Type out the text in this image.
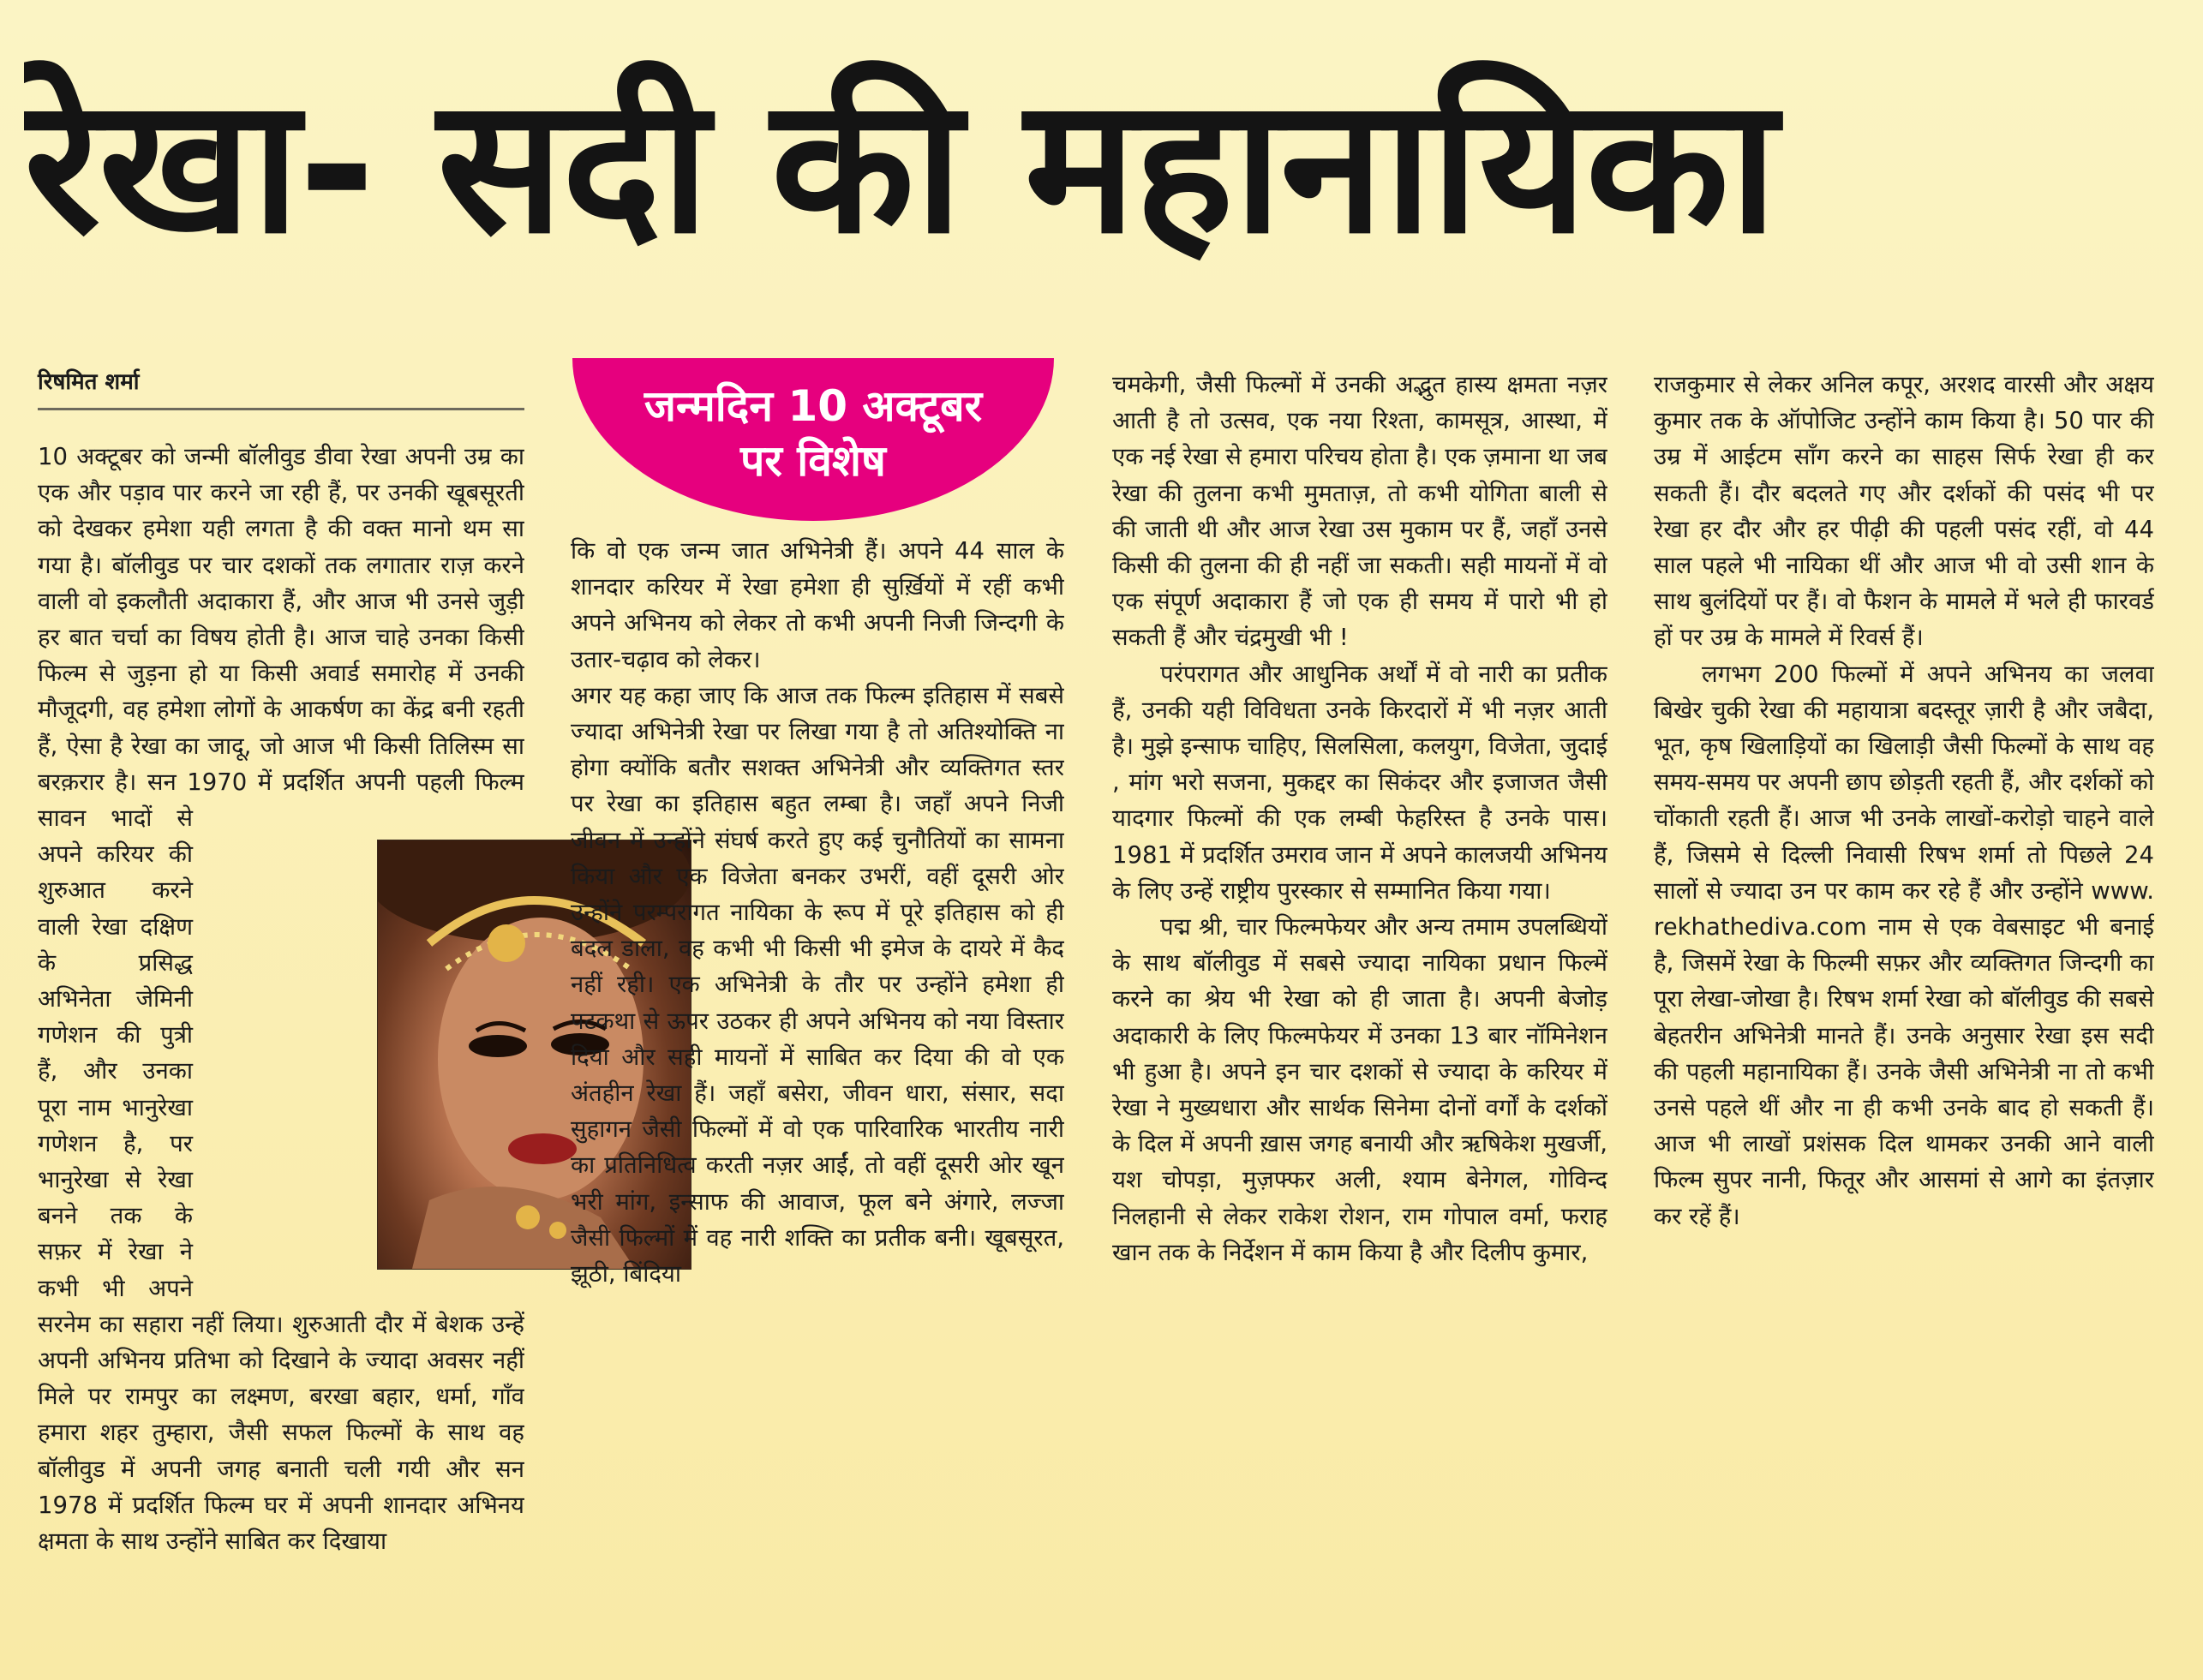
रेखा- सदी की महानायिका
रिषमित शर्मा	जन्मदिन 10 अक्टूबर
पर विशेष

10 अक्टूबर को जन्मी बॉलीवुड डीवा रेखा अपनी उम्र का एक और पड़ाव पार करने जा रही हैं, पर उनकी खूबसूरती को देखकर हमेशा यही लगता है की वक्त मानो थम सा गया है। बॉलीवुड पर चार दशकों तक लगातार राज़ करने वाली वो इकलौती अदाकारा हैं, और आज भी उनसे जुड़ी हर बात चर्चा का विषय होती है। आज चाहे उनका किसी फिल्म से जुड़ना हो या किसी अवार्ड समारोह में उनकी मौजूदगी, वह हमेशा लोगों के आकर्षण का केंद्र बनी रहती हैं, ऐसा है रेखा का जादू, जो आज भी किसी तिलिस्म सा बरक़रार है। सन 1970 में प्रदर्शित अपनी पहली फिल्म सावन भादों से अपने करियर की शुरुआत करने वाली रेखा दक्षिण के प्रसिद्ध अभिनेता जेमिनी गणेशन की पुत्री हैं, और उनका पूरा नाम भानुरेखा गणेशन है, पर भानुरेखा से रेखा बनने तक के सफ़र में रेखा ने कभी भी अपने सरनेम का सहारा नहीं लिया। शुरुआती दौर में बेशक उन्हें अपनी अभिनय प्रतिभा को दिखाने के ज्यादा अवसर नहीं मिले पर रामपुर का लक्ष्मण, बरखा बहार, धर्मा, गाँव हमारा शहर तुम्हारा, जैसी सफल फिल्मों के साथ वह बॉलीवुड में अपनी जगह बनाती चली गयी और सन 1978 में प्रदर्शित फिल्म घर में अपनी शानदार अभिनय क्षमता के साथ उन्होंने साबित कर दिखाया

कि वो एक जन्म जात अभिनेत्री हैं। अपने 44 साल के शानदार करियर में रेखा हमेशा ही सुर्ख़ियों में रहीं कभी अपने अभिनय को लेकर तो कभी अपनी निजी जिन्दगी के उतार-चढ़ाव को लेकर।

अगर यह कहा जाए कि आज तक फिल्म इतिहास में सबसे ज्यादा अभिनेत्री रेखा पर लिखा गया है तो अतिश्योक्ति ना होगा क्योंकि बतौर सशक्त अभिनेत्री और व्यक्तिगत स्तर पर रेखा का इतिहास बहुत लम्बा है। जहाँ अपने निजी जीवन में उन्होंने संघर्ष करते हुए कई चुनौतियों का सामना किया और एक विजेता बनकर उभरीं, वहीं दूसरी ओर उन्होंने परम्परागत नायिका के रूप में पूरे इतिहास को ही बदल डाला, वह कभी भी किसी भी इमेज के दायरे में कैद नहीं रही। एक अभिनेत्री के तौर पर उन्होंने हमेशा ही पटकथा से ऊपर उठकर ही अपने अभिनय को नया विस्तार दिया और सही मायनों में साबित कर दिया की वो एक अंतहीन रेखा हैं। जहाँ बसेरा, जीवन धारा, संसार, सदा सुहागन जैसी फिल्मों में वो एक पारिवारिक भारतीय नारी का प्रतिनिधित्व करती नज़र आईं, तो वहीं दूसरी ओर खून भरी मांग, इन्साफ की आवाज, फूल बने अंगारे, लज्जा जैसी फिल्मों में वह नारी शक्ति का प्रतीक बनी। खूबसूरत, झूठी, बिंदिया

चमकेगी, जैसी फिल्मों में उनकी अद्भुत हास्य क्षमता नज़र आती है तो उत्सव, एक नया रिश्ता, कामसूत्र, आस्था, में एक नई रेखा से हमारा परिचय होता है। एक ज़माना था जब रेखा की तुलना कभी मुमताज़, तो कभी योगिता बाली से की जाती थी और आज रेखा उस मुकाम पर हैं, जहाँ उनसे किसी की तुलना की ही नहीं जा सकती। सही मायनों में वो एक संपूर्ण अदाकारा हैं जो एक ही समय में पारो भी हो सकती हैं और चंद्रमुखी भी !

परंपरागत और आधुनिक अर्थों में वो नारी का प्रतीक हैं, उनकी यही विविधता उनके किरदारों में भी नज़र आती है। मुझे इन्साफ चाहिए, सिलसिला, कलयुग, विजेता, जुदाई , मांग भरो सजना, मुकद्दर का सिकंदर और इजाजत जैसी यादगार फिल्मों की एक लम्बी फेहरिस्त है उनके पास। 1981 में प्रदर्शित उमराव जान में अपने कालजयी अभिनय के लिए उन्हें राष्ट्रीय पुरस्कार से सम्मानित किया गया।

पद्म श्री, चार फिल्मफेयर और अन्य तमाम उपलब्धियों के साथ बॉलीवुड में सबसे ज्यादा नायिका प्रधान फिल्में करने का श्रेय भी रेखा को ही जाता है। अपनी बेजोड़ अदाकारी के लिए फिल्मफेयर में उनका 13 बार नॉमिनेशन भी हुआ है। अपने इन चार दशकों से ज्यादा के करियर में रेखा ने मुख्यधारा और सार्थक सिनेमा दोनों वर्गों के दर्शकों के दिल में अपनी ख़ास जगह बनायी और ऋषिकेश मुखर्जी, यश चोपड़ा, मुज़फ्फर अली, श्याम बेनेगल, गोविन्द निलहानी से लेकर राकेश रोशन, राम गोपाल वर्मा, फराह खान तक के निर्देशन में काम किया है और दिलीप कुमार,

राजकुमार से लेकर अनिल कपूर, अरशद वारसी और अक्षय कुमार तक के ऑपोजिट उन्होंने काम किया है। 50 पार की उम्र में आईटम सॉंग करने का साहस सिर्फ रेखा ही कर सकती हैं। दौर बदलते गए और दर्शकों की पसंद भी पर रेखा हर दौर और हर पीढ़ी की पहली पसंद रहीं, वो 44 साल पहले भी नायिका थीं और आज भी वो उसी शान के साथ बुलंदियों पर हैं। वो फैशन के मामले में भले ही फारवर्ड हों पर उम्र के मामले में रिवर्स हैं।

लगभग 200 फिल्मों में अपने अभिनय का जलवा बिखेर चुकी रेखा की महायात्रा बदस्तूर ज़ारी है और जबैदा, भूत, कृष खिलाड़ियों का खिलाड़ी जैसी फिल्मों के साथ वह समय-समय पर अपनी छाप छोड़ती रहती हैं, और दर्शकों को चोंकाती रहती हैं। आज भी उनके लाखों-करोड़ो चाहने वाले हैं, जिसमे से दिल्ली निवासी रिषभ शर्मा तो पिछले 24 सालों से ज्यादा उन पर काम कर रहे हैं और उन्होंने www. rekhathediva.com नाम से एक वेबसाइट भी बनाई है, जिसमें रेखा के फिल्मी सफ़र और व्यक्तिगत जिन्दगी का पूरा लेखा-जोखा है। रिषभ शर्मा रेखा को बॉलीवुड की सबसे बेहतरीन अभिनेत्री मानते हैं। उनके अनुसार रेखा इस सदी की पहली महानायिका हैं। उनके जैसी अभिनेत्री ना तो कभी उनसे पहले थीं और ना ही कभी उनके बाद हो सकती हैं। आज भी लाखों प्रशंसक दिल थामकर उनकी आने वाली फिल्म सुपर नानी, फितूर और आसमां से आगे का इंतज़ार कर रहें हैं।
